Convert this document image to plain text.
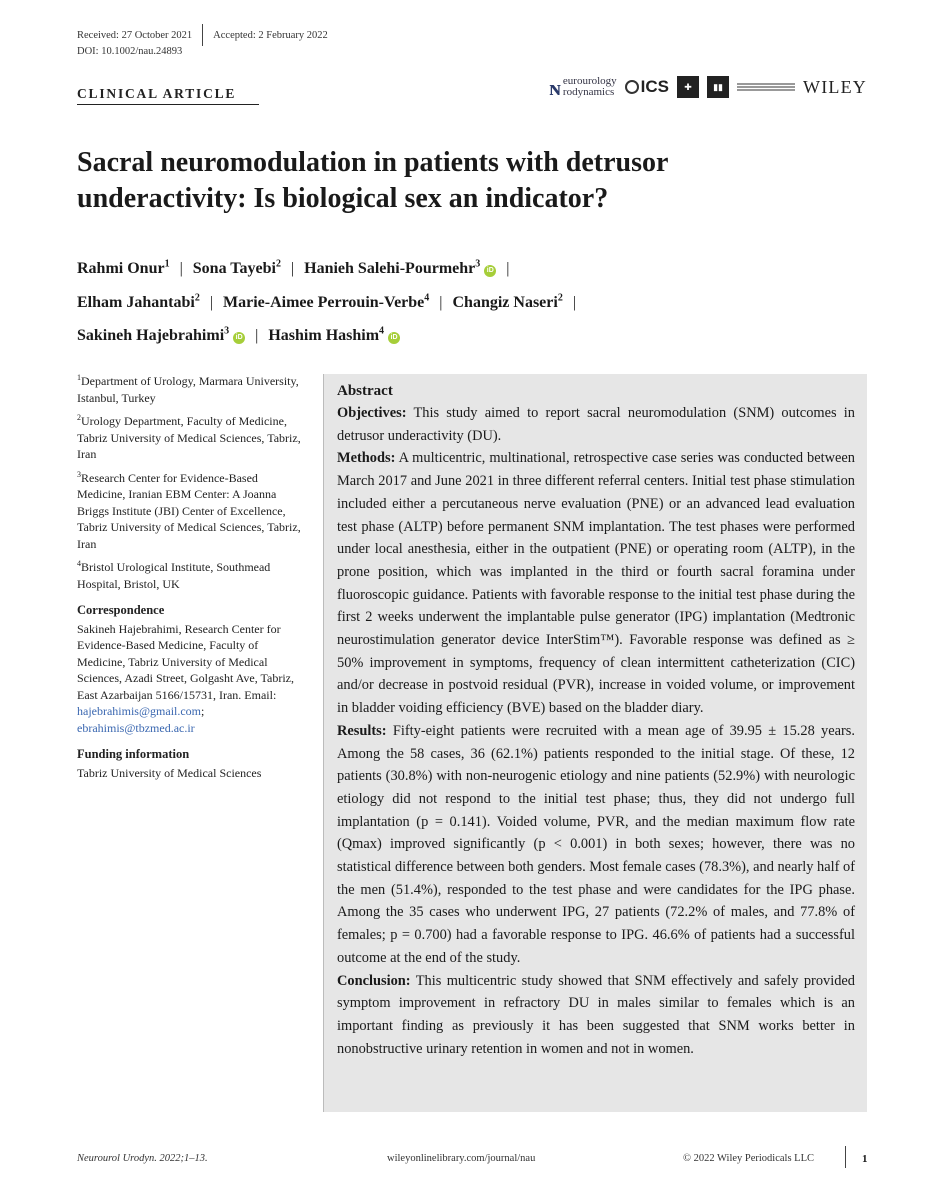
Received: 27 October 2021 Accepted: 2 February 2022
DOI: 10.1002/nau.24893
CLINICAL ARTICLE	ɴ eurourology
rodynamics ICS	✚	▮▮	WILEY
Sacral neuromodulation in patients with detrusor underactivity: Is biological sex an indicator?
Rahmi Onur$^1$ | Sona Tayebi$^2$ | Hanieh Salehi-Pourmehr$^3$iD |
Elham Jahantabi$^2$ | Marie-Aimee Perrouin-Verbe$^4$ | Changiz Naseri$^2$ |
Sakineh Hajebrahimi$^3$iD | Hashim Hashim$^4$iD

$^1$Department of Urology, Marmara University, Istanbul, Turkey

$^2$Urology Department, Faculty of Medicine, Tabriz University of Medical Sciences, Tabriz, Iran

$^3$Research Center for Evidence-Based Medicine, Iranian EBM Center: A Joanna Briggs Institute (JBI) Center of Excellence, Tabriz University of Medical Sciences, Tabriz, Iran

$^4$Bristol Urological Institute, Southmead Hospital, Bristol, UK

Correspondence

Sakineh Hajebrahimi, Research Center for Evidence-Based Medicine, Faculty of Medicine, Tabriz University of Medical Sciences, Azadi Street, Golgasht Ave, Tabriz, East Azarbaijan 5166/15731, Iran. Email: hajebrahimis@gmail.com; ebrahimis@tbzmed.ac.ir

Funding information

Tabriz University of Medical Sciences

Abstract

Objectives: This study aimed to report sacral neuromodulation (SNM) outcomes in detrusor underactivity (DU).

Methods: A multicentric, multinational, retrospective case series was conducted between March 2017 and June 2021 in three different referral centers. Initial test phase stimulation included either a percutaneous nerve evaluation (PNE) or an advanced lead evaluation test phase (ALTP) before permanent SNM implantation. The test phases were performed under local anesthesia, either in the outpatient (PNE) or operating room (ALTP), in the prone position, which was implanted in the third or fourth sacral foramina under fluoroscopic guidance. Patients with favorable response to the initial test phase during the first 2 weeks underwent the implantable pulse generator (IPG) implantation (Medtronic neurostimulation generator device InterStim™). Favorable response was defined as ≥ 50% improvement in symptoms, frequency of clean intermittent catheterization (CIC) and/or decrease in postvoid residual (PVR), increase in voided volume, or improvement in bladder voiding efficiency (BVE) based on the bladder diary.

Results: Fifty-eight patients were recruited with a mean age of 39.95 ± 15.28 years. Among the 58 cases, 36 (62.1%) patients responded to the initial stage. Of these, 12 patients (30.8%) with non-neurogenic etiology and nine patients (52.9%) with neurologic etiology did not respond to the initial test phase; thus, they did not undergo full implantation (p = 0.141). Voided volume, PVR, and the median maximum flow rate (Qmax) improved significantly (p < 0.001) in both sexes; however, there was no statistical difference between both genders. Most female cases (78.3%), and nearly half of the men (51.4%), responded to the test phase and were candidates for the IPG phase. Among the 35 cases who underwent IPG, 27 patients (72.2% of males, and 77.8% of females; p = 0.700) had a favorable response to IPG. 46.6% of patients had a successful outcome at the end of the study.

Conclusion: This multicentric study showed that SNM effectively and safely provided symptom improvement in refractory DU in males similar to females which is an important finding as previously it has been suggested that SNM works better in nonobstructive urinary retention in women and not in women.

Neurourol Urodyn. 2022;1–13.	wileyonlinelibrary.com/journal/nau	© 2022 Wiley Periodicals LLC	1
